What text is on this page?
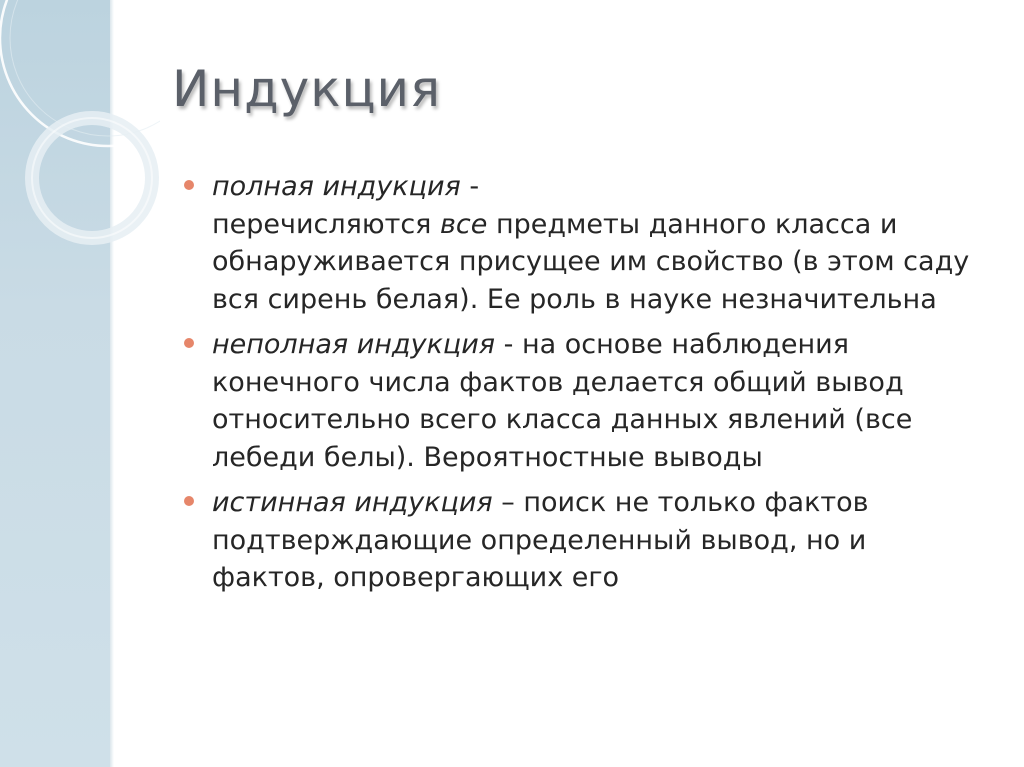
Индукция
полная индукция -
перечисляются все предметы данного класса и обнаруживается присущее им свойство (в этом саду вся сирень белая). Ее роль в науке незначительна
неполная индукция - на основе наблюдения конечного числа фактов делается общий вывод относительно всего класса данных явлений (все лебеди белы). Вероятностные выводы
истинная индукция – поиск не только фактов подтверждающие определенный вывод, но и фактов, опровергающих его
